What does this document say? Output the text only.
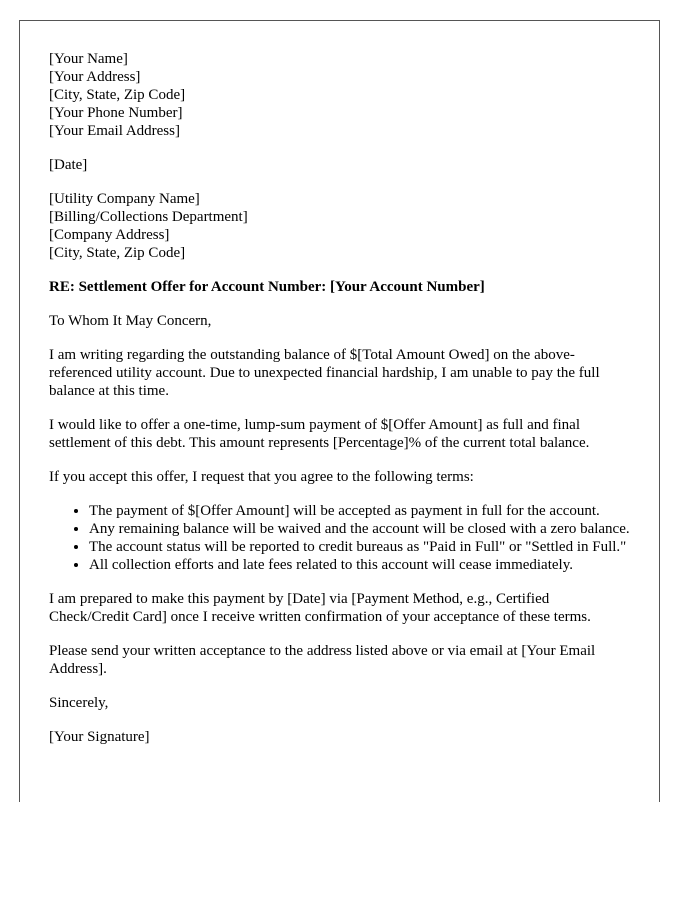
[Your Name]
[Your Address]
[City, State, Zip Code]
[Your Phone Number]
[Your Email Address]
[Date]
[Utility Company Name]
[Billing/Collections Department]
[Company Address]
[City, State, Zip Code]
RE: Settlement Offer for Account Number: [Your Account Number]

To Whom It May Concern,

I am writing regarding the outstanding balance of $[Total Amount Owed] on the above-referenced utility account. Due to unexpected financial hardship, I am unable to pay the full balance at this time.

I would like to offer a one-time, lump-sum payment of $[Offer Amount] as full and final settlement of this debt. This amount represents [Percentage]% of the current total balance.

If you accept this offer, I request that you agree to the following terms:

• The payment of $[Offer Amount] will be accepted as payment in full for the account.
• Any remaining balance will be waived and the account will be closed with a zero balance.
• The account status will be reported to credit bureaus as "Paid in Full" or "Settled in Full."
• All collection efforts and late fees related to this account will cease immediately.

I am prepared to make this payment by [Date] via [Payment Method, e.g., Certified Check/Credit Card] once I receive written confirmation of your acceptance of these terms.

Please send your written acceptance to the address listed above or via email at [Your Email Address].

Sincerely,

[Your Signature]
